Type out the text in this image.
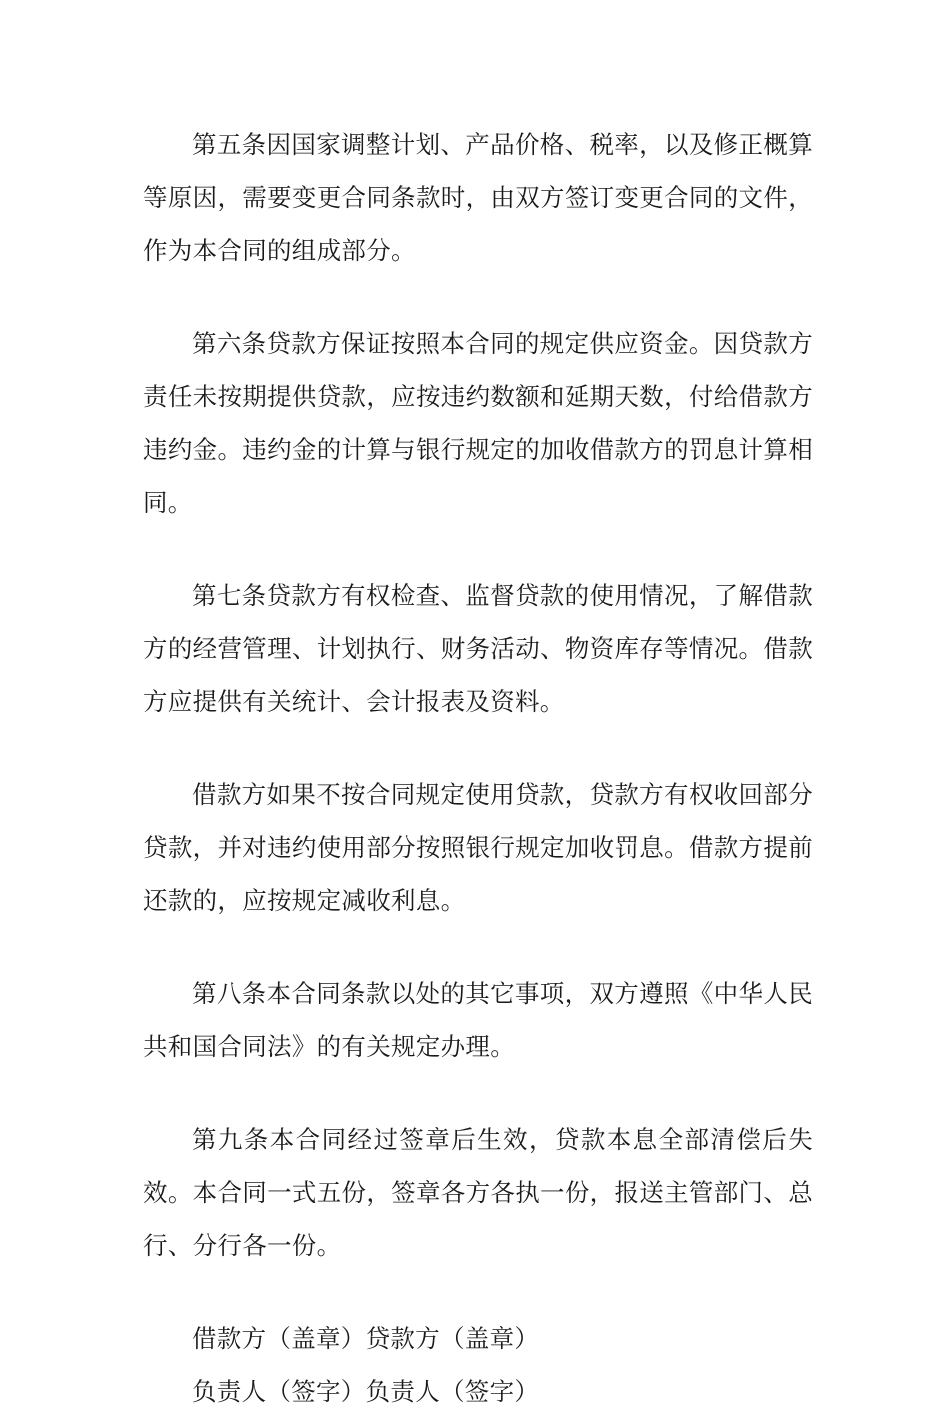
第五条因国家调整计划、产品价格、税率，以及修正概算等原因，需要变更合同条款时，由双方签订变更合同的文件，作为本合同的组成部分。

第六条贷款方保证按照本合同的规定供应资金。因贷款方责任未按期提供贷款，应按违约数额和延期天数，付给借款方违约金。违约金的计算与银行规定的加收借款方的罚息计算相同。

第七条贷款方有权检查、监督贷款的使用情况，了解借款方的经营管理、计划执行、财务活动、物资库存等情况。借款方应提供有关统计、会计报表及资料。

借款方如果不按合同规定使用贷款，贷款方有权收回部分贷款，并对违约使用部分按照银行规定加收罚息。借款方提前还款的，应按规定减收利息。

第八条本合同条款以处的其它事项，双方遵照《中华人民共和国合同法》的有关规定办理。

第九条本合同经过签章后生效，贷款本息全部清偿后失效。本合同一式五份，签章各方各执一份，报送主管部门、总行、分行各一份。

借款方（盖章）贷款方（盖章）

负责人（签字）负责人（签字）
